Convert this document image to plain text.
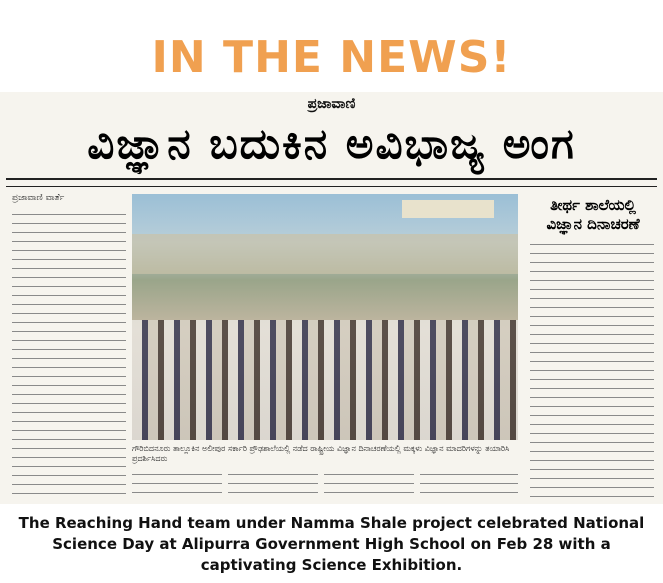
IN THE NEWS!
ಪ್ರಜಾವಾಣಿ
ವಿಜ್ಞಾನ ಬದುಕಿನ ಅವಿಭಾಜ್ಯ ಅಂಗ
ಪ್ರಜಾವಾಣಿ ವಾರ್ತೆ
ಗೌರಿಬಿದನೂರು ತಾಲ್ಲೂಕಿನ ಅಲೀಪುರ ಸರ್ಕಾರಿ ಪ್ರೌಢಶಾಲೆಯಲ್ಲಿ ನಡೆದ ರಾಷ್ಟ್ರೀಯ ವಿಜ್ಞಾನ ದಿನಾಚರಣೆಯಲ್ಲಿ ಮಕ್ಕಳು ವಿಜ್ಞಾನ ಮಾದರಿಗಳನ್ನು ತಯಾರಿಸಿ ಪ್ರದರ್ಶಿಸಿದರು
ತೀರ್ಥ ಶಾಲೆಯಲ್ಲಿ ವಿಜ್ಞಾನ ದಿನಾಚರಣೆ
The Reaching Hand team under Namma Shale project celebrated National Science Day at Alipurra Government High School on Feb 28 with a captivating Science Exhibition.
